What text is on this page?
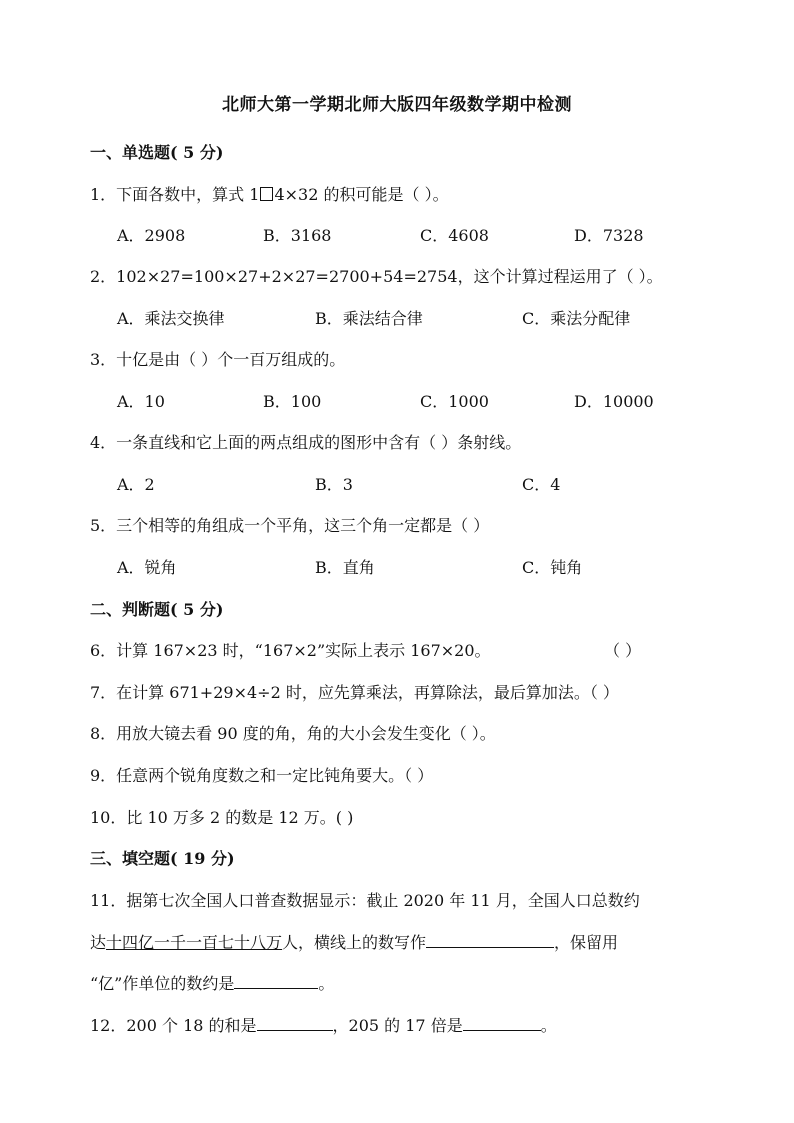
北师大第一学期北师大版四年级数学期中检测
一、单选题( 5 分)
1．下面各数中，算式 1 4×32 的积可能是（ ）。
A．2908	B．3168	C．4608	D．7328
2．102×27=100×27+2×27=2700+54=2754，这个计算过程运用了（ ）。
A．乘法交换律	B．乘法结合律	C．乘法分配律
3．十亿是由（ ）个一百万组成的。
A．10	B．100	C．1000	D．10000
4．一条直线和它上面的两点组成的图形中含有（ ）条射线。
A．2	B．3	C．4
5．三个相等的角组成一个平角，这三个角一定都是（ ）
A．锐角	B．直角	C．钝角
二、判断题( 5 分)
6．计算 167×23 时，“167×2”实际上表示 167×20。	（ ）
7．在计算 671+29×4÷2 时，应先算乘法，再算除法，最后算加法。（ ）
8．用放大镜去看 90 度的角，角的大小会发生变化（ ）。
9．任意两个锐角度数之和一定比钝角要大。（ ）
10．比 10 万多 2 的数是 12 万。( )
三、填空题( 19 分)
11．据第七次全国人口普查数据显示：截止 2020 年 11 月，全国人口总数约
达十四亿一千一百七十八万人，横线上的数写作	，保留用
“亿”作单位的数约是	。
12．200 个 18 的和是	，205 的 17 倍是	。
